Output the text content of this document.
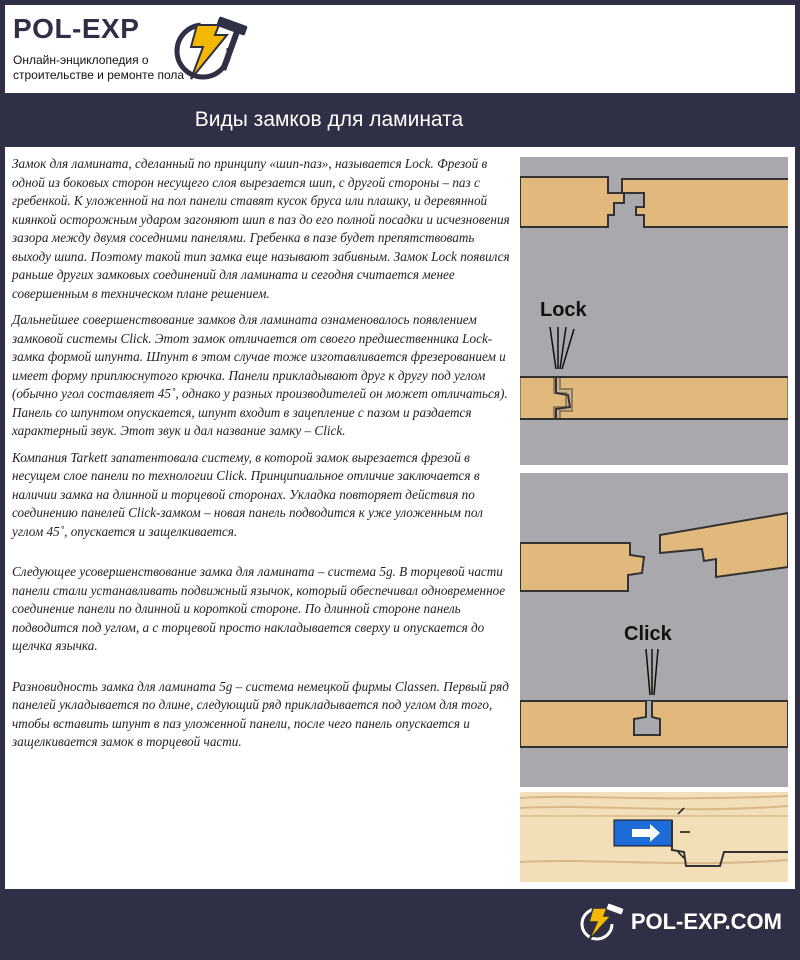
POL-EXP
Онлайн-энциклопедия о строительстве и ремонте пола
Виды замков для ламината

Замок для ламината, сделанный по принципу «шип-паз», называется Lock. Фрезой в одной из боковых сторон несущего слоя вырезается шип, с другой стороны – паз с гребенкой. К уложенной на пол панели ставят кусок бруса или плашку, и деревянной киянкой осторожным ударом загоняют шип в паз до его полной посадки и исчезновения зазора между двумя соседними панелями. Гребенка в пазе будет препятствовать выходу шипа. Поэтому такой тип замка еще называют забивным. Замок Lock появился раньше других замковых соединений для ламината и сегодня считается менее совершенным в техническом плане решением.

Дальнейшее совершенствование замков для ламината ознаменовалось появлением замковой системы Click. Этот замок отличается от своего предшественника Lock-замка формой шпунта. Шпунт в этом случае тоже изготавливается фрезерованием и имеет форму приплюснутого крючка. Панели прикладывают друг к другу под углом (обычно угол составляет 45˚, однако у разных производителей он может отличаться). Панель со шпунтом опускается, шпунт входит в зацепление с пазом и раздается характерный звук. Этот звук и дал название замку – Click.

Компания Tarkett запатентовала систему, в которой замок вырезается фрезой в несущем слое панели по технологии Click. Принципиальное отличие заключается в наличии замка на длинной и торцевой сторонах. Укладка повторяет действия по соединению панелей Click-замком – новая панель подводится к уже уложенным пол углом 45˚, опускается и защелкивается.

Следующее усовершенствование замка для ламината – система 5g. В торцевой части панели стали устанавливать подвижный язычок, который обеспечивал одновременное соединение панели по длинной и короткой стороне. По длинной стороне панель подводится под углом, а с торцевой просто накладывается сверху и опускается до щелчка язычка.

Разновидность замка для ламината 5g – система немецкой фирмы Classen. Первый ряд панелей укладывается по длине, следующий ряд прикладывается под углом для того, чтобы вставить шпунт в паз уложенной панели, после чего панель опускается и защелкивается замок в торцевой части.

Lock
Click
POL-EXP.COM
